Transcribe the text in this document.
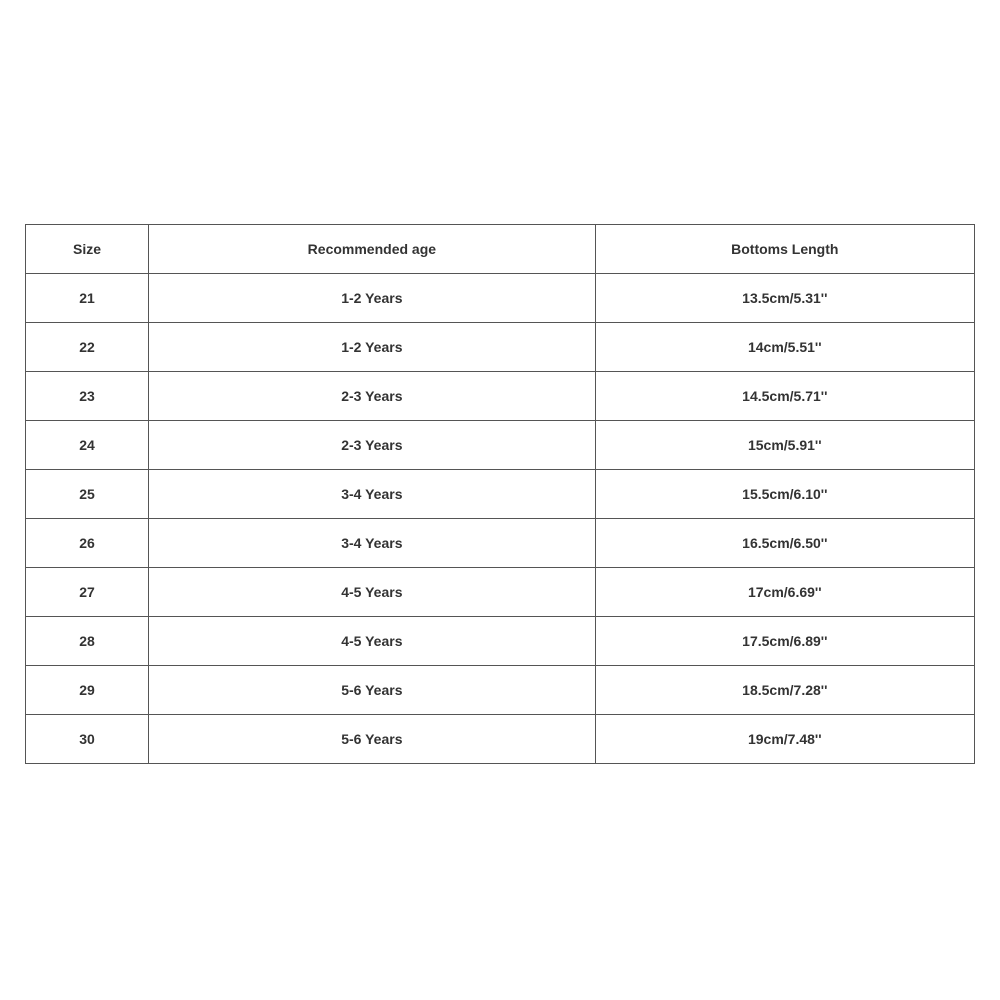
Size	Recommended age	Bottoms Length
21	1-2 Years	13.5cm/5.31''
22	1-2 Years	14cm/5.51''
23	2-3 Years	14.5cm/5.71''
24	2-3 Years	15cm/5.91''
25	3-4 Years	15.5cm/6.10''
26	3-4 Years	16.5cm/6.50''
27	4-5 Years	17cm/6.69''
28	4-5 Years	17.5cm/6.89''
29	5-6 Years	18.5cm/7.28''
30	5-6 Years	19cm/7.48''
